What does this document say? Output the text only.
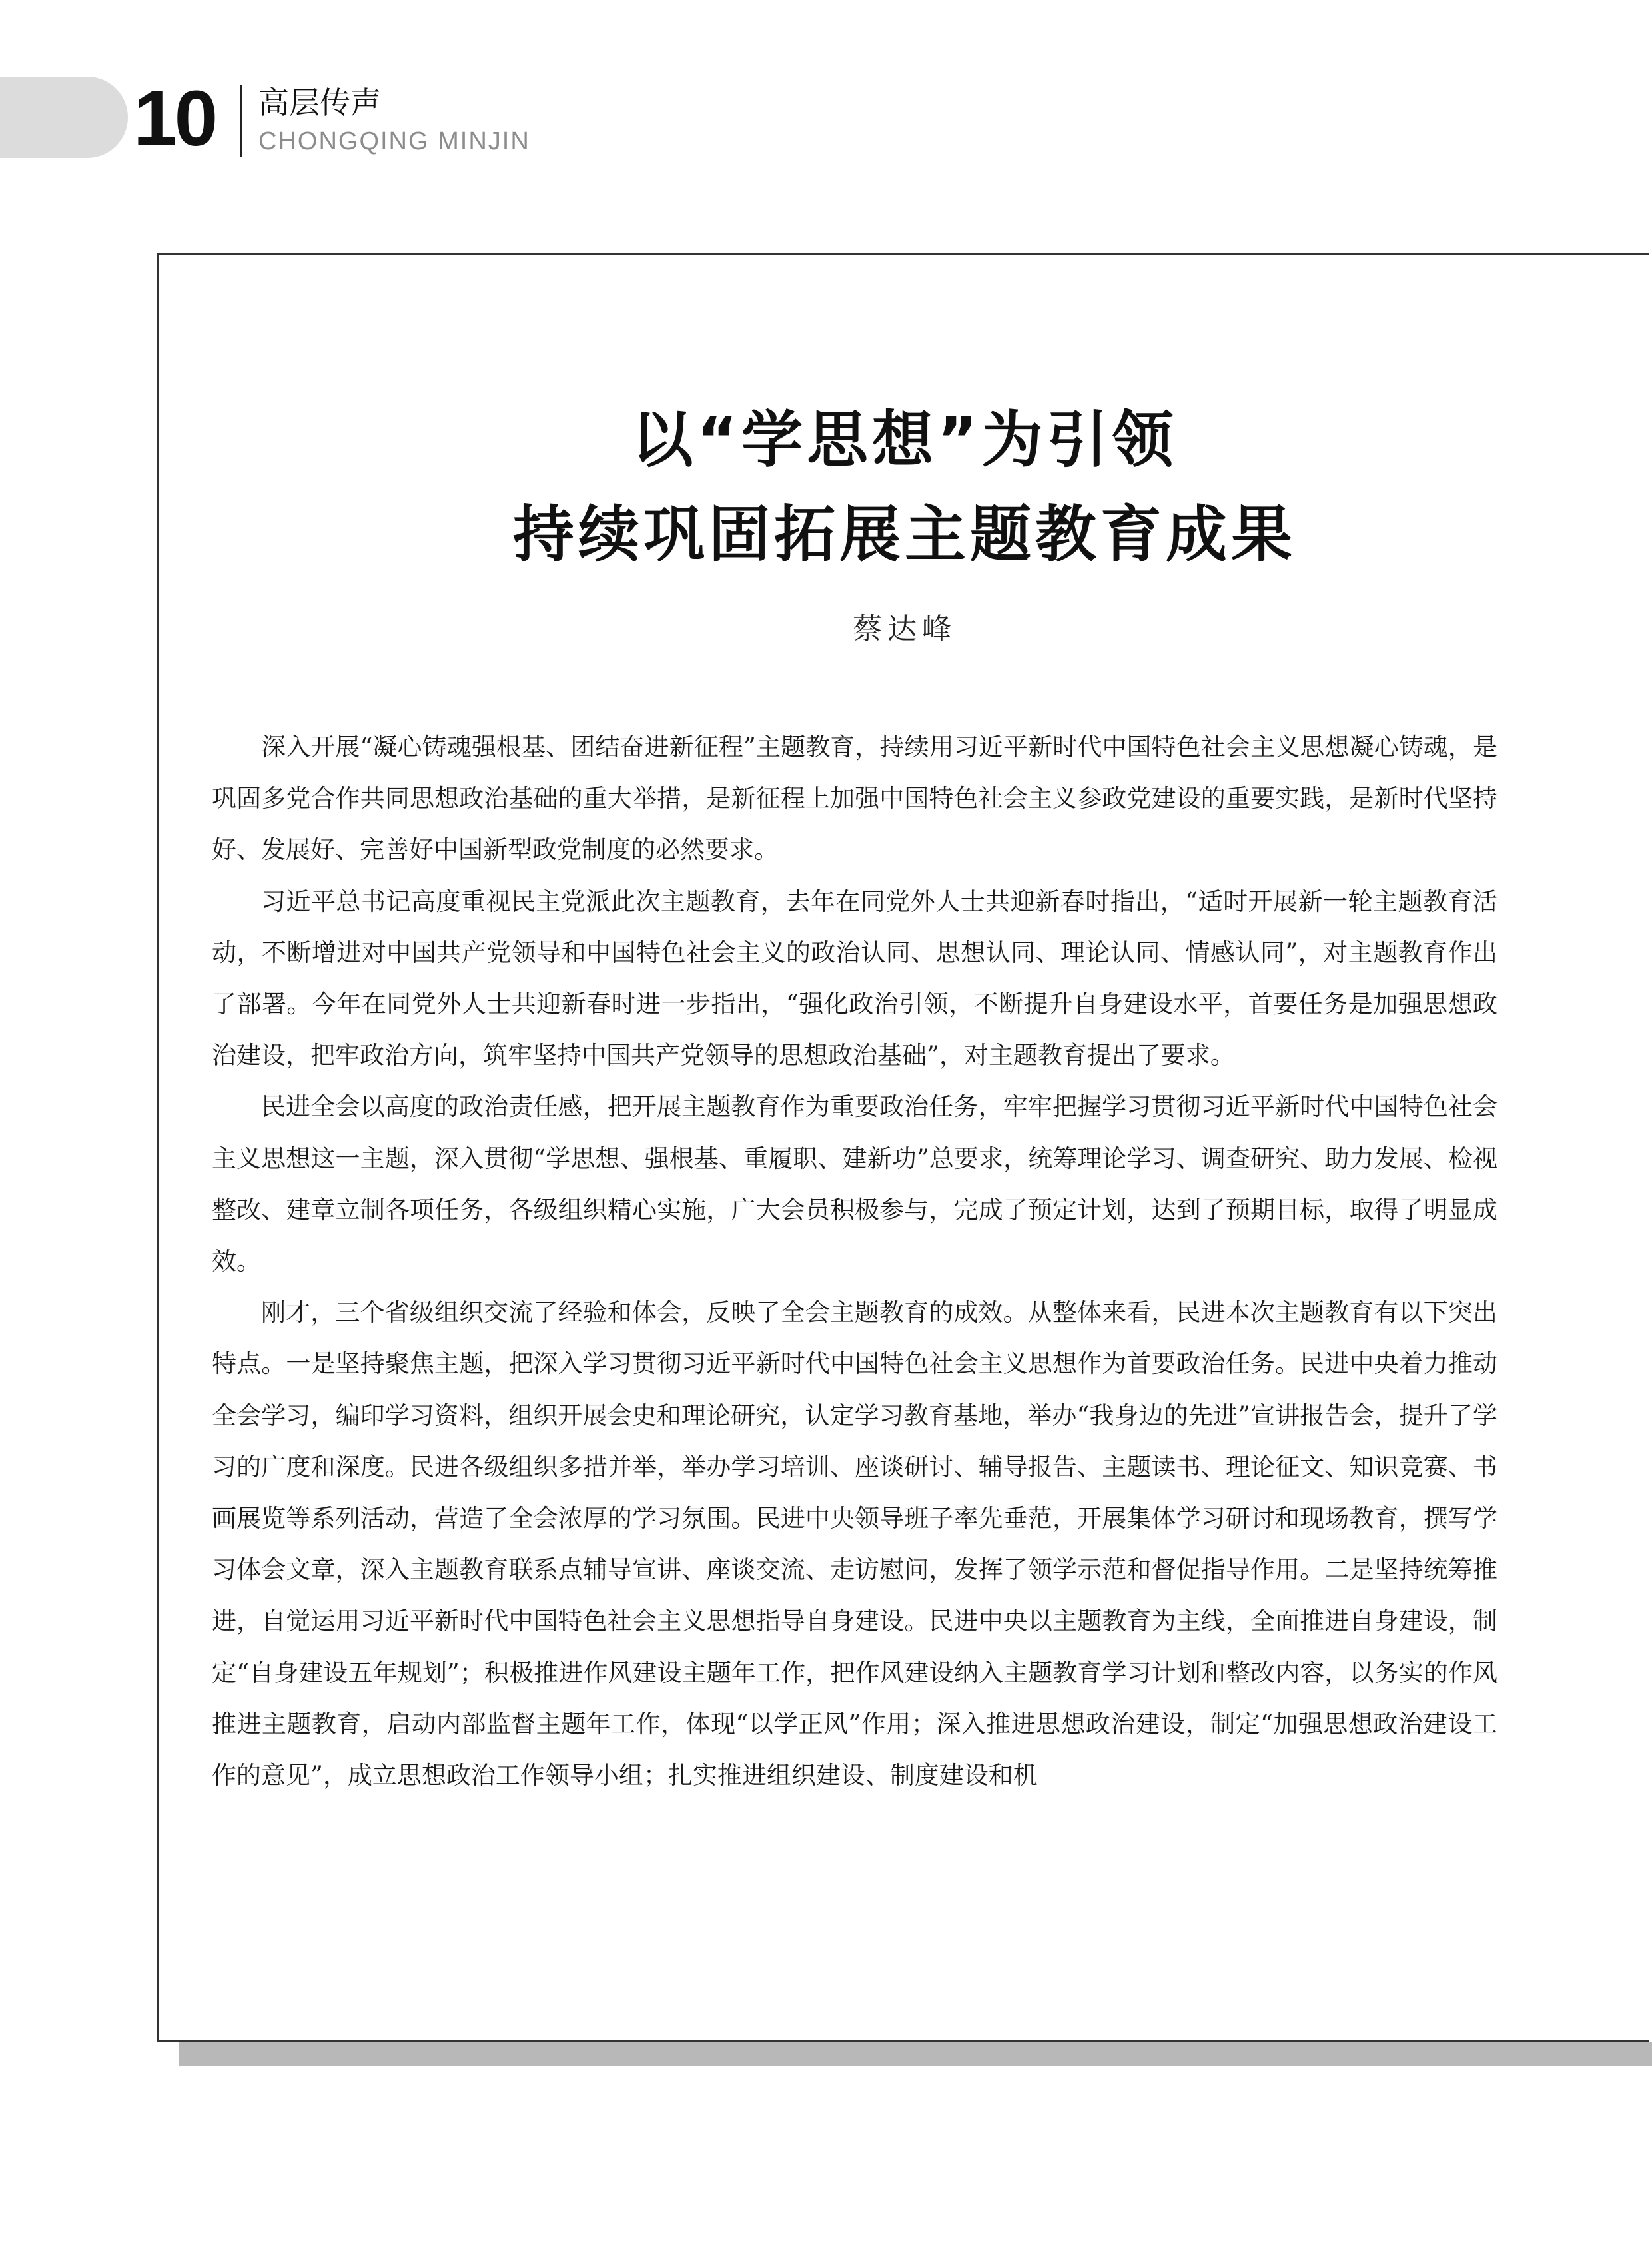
10 高层传声
CHONGQING MINJIN
以“学思想”为引领
持续巩固拓展主题教育成果
蔡达峰

深入开展“凝心铸魂强根基、团结奋进新征程”主题教育，持续用习近平新时代中国特色社会主义思想凝心铸魂，是巩固多党合作共同思想政治基础的重大举措，是新征程上加强中国特色社会主义参政党建设的重要实践，是新时代坚持好、发展好、完善好中国新型政党制度的必然要求。

习近平总书记高度重视民主党派此次主题教育，去年在同党外人士共迎新春时指出，“适时开展新一轮主题教育活动，不断增进对中国共产党领导和中国特色社会主义的政治认同、思想认同、理论认同、情感认同”，对主题教育作出了部署。今年在同党外人士共迎新春时进一步指出，“强化政治引领，不断提升自身建设水平，首要任务是加强思想政治建设，把牢政治方向，筑牢坚持中国共产党领导的思想政治基础”，对主题教育提出了要求。

民进全会以高度的政治责任感，把开展主题教育作为重要政治任务，牢牢把握学习贯彻习近平新时代中国特色社会主义思想这一主题，深入贯彻“学思想、强根基、重履职、建新功”总要求，统筹理论学习、调查研究、助力发展、检视整改、建章立制各项任务，各级组织精心实施，广大会员积极参与，完成了预定计划，达到了预期目标，取得了明显成效。

刚才，三个省级组织交流了经验和体会，反映了全会主题教育的成效。从整体来看，民进本次主题教育有以下突出特点。一是坚持聚焦主题，把深入学习贯彻习近平新时代中国特色社会主义思想作为首要政治任务。民进中央着力推动全会学习，编印学习资料，组织开展会史和理论研究，认定学习教育基地，举办“我身边的先进”宣讲报告会，提升了学习的广度和深度。民进各级组织多措并举，举办学习培训、座谈研讨、辅导报告、主题读书、理论征文、知识竞赛、书画展览等系列活动，营造了全会浓厚的学习氛围。民进中央领导班子率先垂范，开展集体学习研讨和现场教育，撰写学习体会文章，深入主题教育联系点辅导宣讲、座谈交流、走访慰问，发挥了领学示范和督促指导作用。二是坚持统筹推进，自觉运用习近平新时代中国特色社会主义思想指导自身建设。民进中央以主题教育为主线，全面推进自身建设，制定“自身建设五年规划”；积极推进作风建设主题年工作，把作风建设纳入主题教育学习计划和整改内容，以务实的作风推进主题教育，启动内部监督主题年工作，体现“以学正风”作用；深入推进思想政治建设，制定“加强思想政治建设工作的意见”，成立思想政治工作领导小组；扎实推进组织建设、制度建设和机
